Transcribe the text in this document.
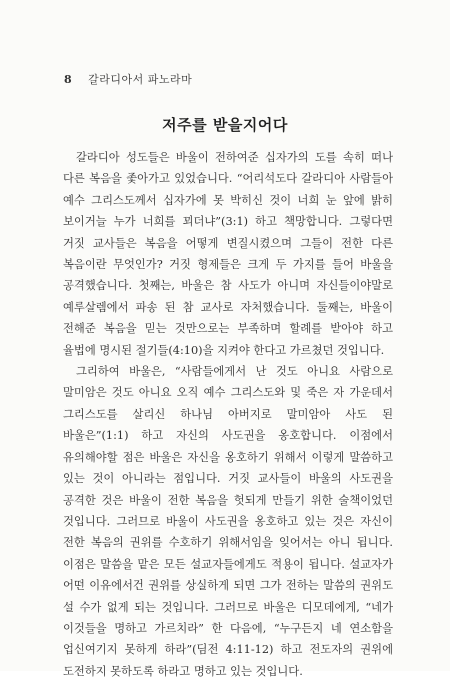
8 갈라디아서 파노라마
저주를 받을지어다

갈라디아 성도들은 바울이 전하여준 십자가의 도를 속히 떠나 다른 복음을 좇아가고 있었습니다. “어리석도다 갈라디아 사람들아 예수 그리스도께서 십자가에 못 박히신 것이 너희 눈 앞에 밝히 보이거늘 누가 너희를 꾀더냐”(3:1) 하고 책망합니다. 그렇다면 거짓 교사들은 복음을 어떻게 변질시켰으며 그들이 전한 다른 복음이란 무엇인가? 거짓 형제들은 크게 두 가지를 들어 바울을 공격했습니다. 첫째는, 바울은 참 사도가 아니며 자신들이야말로 예루살렘에서 파송 된 참 교사로 자처했습니다. 둘째는, 바울이 전해준 복음을 믿는 것만으로는 부족하며 할례를 받아야 하고 율법에 명시된 절기들(4:10)을 지켜야 한다고 가르쳤던 것입니다.

그리하여 바울은, “사람들에게서 난 것도 아니요 사람으로 말미암은 것도 아니요 오직 예수 그리스도와 및 죽은 자 가운데서 그리스도를 살리신 하나님 아버지로 말미암아 사도 된 바울은”(1:1) 하고 자신의 사도권을 옹호합니다. 이점에서 유의해야할 점은 바울은 자신을 옹호하기 위해서 이렇게 말씀하고 있는 것이 아니라는 점입니다. 거짓 교사들이 바울의 사도권을 공격한 것은 바울이 전한 복음을 헛되게 만들기 위한 술책이었던 것입니다. 그러므로 바울이 사도권을 옹호하고 있는 것은 자신이 전한 복음의 권위를 수호하기 위해서임을 잊어서는 아니 됩니다. 이점은 말씀을 맡은 모든 설교자들에게도 적용이 됩니다. 설교자가 어떤 이유에서건 권위를 상실하게 되면 그가 전하는 말씀의 권위도 설 수가 없게 되는 것입니다. 그러므로 바울은 디모데에게, “네가 이것들을 명하고 가르치라” 한 다음에, “누구든지 네 연소함을 업신여기지 못하게 하라”(딤전 4:11-12) 하고 전도자의 권위에 도전하지 못하도록 하라고 명하고 있는 것입니다.
